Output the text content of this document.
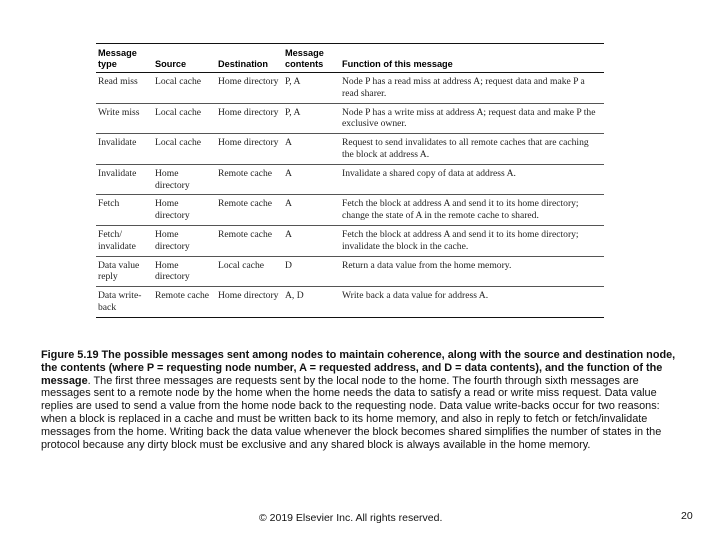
Message type	Source	Destination	Message contents	Function of this message
Read miss	Local cache	Home directory	P, A	Node P has a read miss at address A; request data and make P a read sharer.
Write miss	Local cache	Home directory	P, A	Node P has a write miss at address A; request data and make P the exclusive owner.
Invalidate	Local cache	Home directory	A	Request to send invalidates to all remote caches that are caching the block at address A.
Invalidate	Home directory	Remote cache	A	Invalidate a shared copy of data at address A.
Fetch	Home directory	Remote cache	A	Fetch the block at address A and send it to its home directory; change the state of A in the remote cache to shared.
Fetch/ invalidate	Home directory	Remote cache	A	Fetch the block at address A and send it to its home directory; invalidate the block in the cache.
Data value reply	Home directory	Local cache	D	Return a data value from the home memory.
Data write-back	Remote cache	Home directory	A, D	Write back a data value for address A.
Figure 5.19 The possible messages sent among nodes to maintain coherence, along with the source and destination node, the contents (where P = requesting node number, A = requested address, and D = data contents), and the function of the message. The first three messages are requests sent by the local node to the home. The fourth through sixth messages are messages sent to a remote node by the home when the home needs the data to satisfy a read or write miss request. Data value replies are used to send a value from the home node back to the requesting node. Data value write-backs occur for two reasons: when a block is replaced in a cache and must be written back to its home memory, and also in reply to fetch or fetch/invalidate messages from the home. Writing back the data value whenever the block becomes shared simplifies the number of states in the protocol because any dirty block must be exclusive and any shared block is always available in the home memory.
© 2019 Elsevier Inc. All rights reserved.	20
